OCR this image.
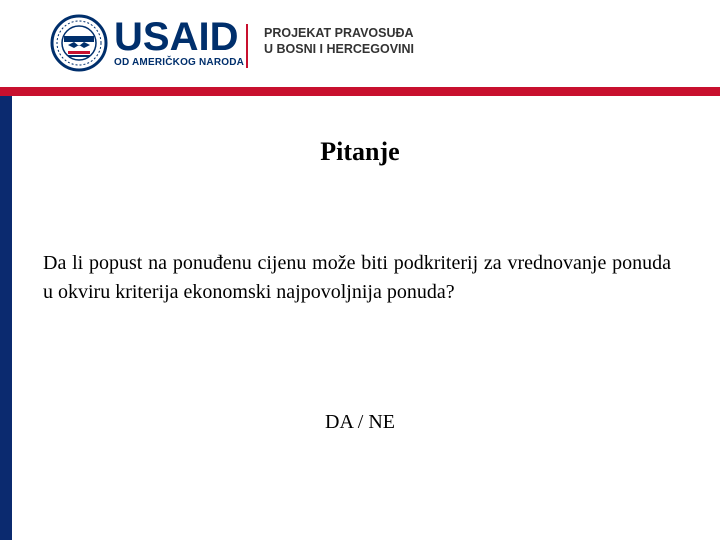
USAID
OD AMERIČKOG NARODA
PROJEKAT PRAVOSUĐA
U BOSNI I HERCEGOVINI
Pitanje
Da li popust na ponuđenu cijenu može biti podkriterij za vrednovanje ponuda u okviru kriterija ekonomski najpovoljnija ponuda?
DA / NE
